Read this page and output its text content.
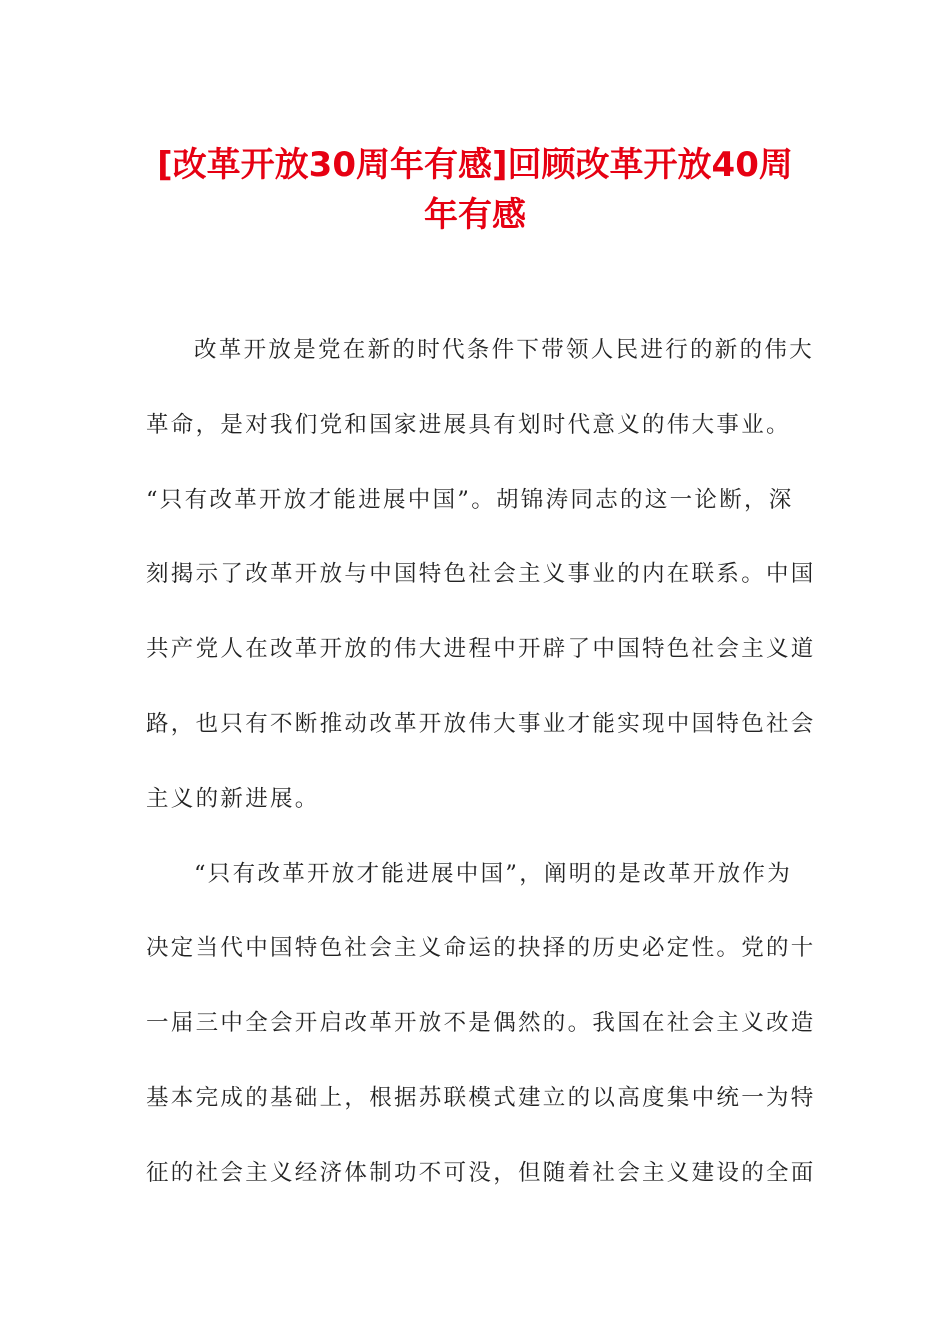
[改革开放30周年有感]回顾改革开放40周
年有感
改革开放是党在新的时代条件下带领人民进行的新的伟大
革命，是对我们党和国家进展具有划时代意义的伟大事业。
“只有改革开放才能进展中国”。胡锦涛同志的这一论断，深
刻揭示了改革开放与中国特色社会主义事业的内在联系。中国
共产党人在改革开放的伟大进程中开辟了中国特色社会主义道
路，也只有不断推动改革开放伟大事业才能实现中国特色社会
主义的新进展。
“只有改革开放才能进展中国”，阐明的是改革开放作为
决定当代中国特色社会主义命运的抉择的历史必定性。党的十
一届三中全会开启改革开放不是偶然的。我国在社会主义改造
基本完成的基础上，根据苏联模式建立的以高度集中统一为特
征的社会主义经济体制功不可没，但随着社会主义建设的全面
